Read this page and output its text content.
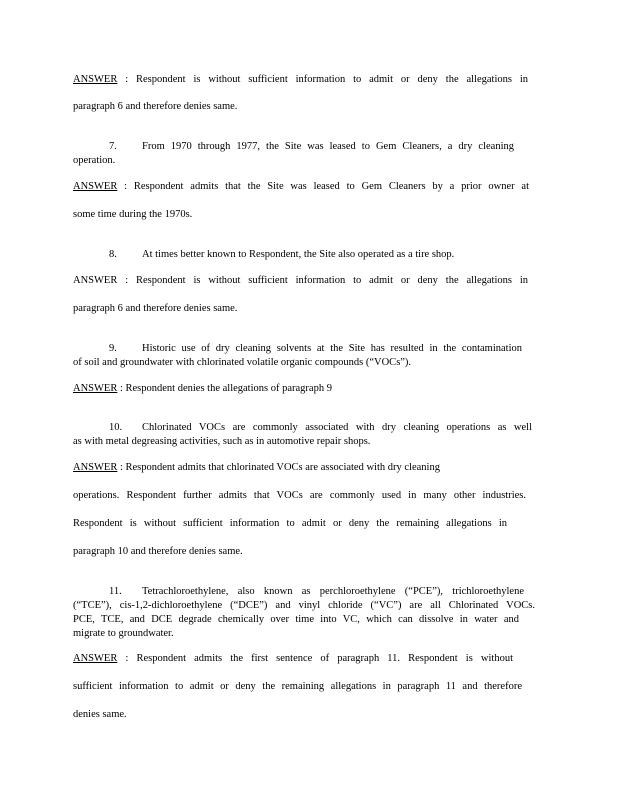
ANSWER : Respondent is without sufficient information to admit or deny the allegations in
paragraph 6 and therefore denies same.
7. From 1970 through 1977, the Site was leased to Gem Cleaners, a dry cleaning
operation.
ANSWER : Respondent admits that the Site was leased to Gem Cleaners by a prior owner at
some time during the 1970s.
8. At times better known to Respondent, the Site also operated as a tire shop.
ANSWER : Respondent is without sufficient information to admit or deny the allegations in
paragraph 6 and therefore denies same.
9. Historic use of dry cleaning solvents at the Site has resulted in the contamination
of soil and groundwater with chlorinated volatile organic compounds (“VOCs”).
ANSWER : Respondent denies the allegations of paragraph 9
10. Chlorinated VOCs are commonly associated with dry cleaning operations as well
as with metal degreasing activities, such as in automotive repair shops.
ANSWER : Respondent admits that chlorinated VOCs are associated with dry cleaning
operations. Respondent further admits that VOCs are commonly used in many other industries.
Respondent is without sufficient information to admit or deny the remaining allegations in
paragraph 10 and therefore denies same.
11. Tetrachloroethylene, also known as perchloroethylene (“PCE”), trichloroethylene
(“TCE”), cis-1,2-dichloroethylene (“DCE”) and vinyl chloride (“VC”) are all Chlorinated VOCs.
PCE, TCE, and DCE degrade chemically over time into VC, which can dissolve in water and
migrate to groundwater.
ANSWER : Respondent admits the first sentence of paragraph 11. Respondent is without
sufficient information to admit or deny the remaining allegations in paragraph 11 and therefore
denies same.
